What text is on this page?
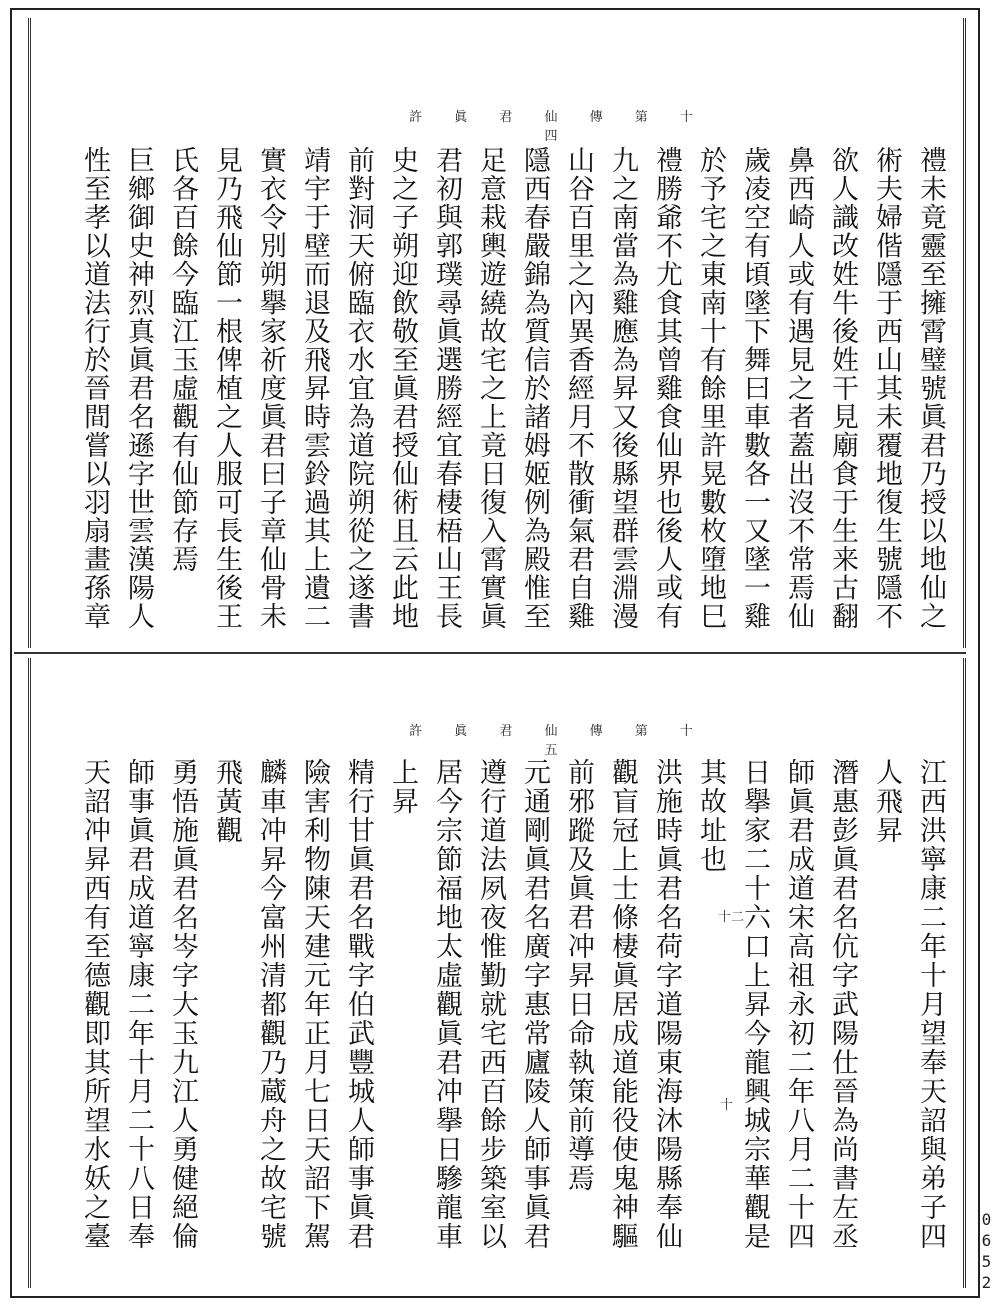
許 眞 君 仙 傳 第 十 四
禮未竟靈至擁霄璧號眞君乃授以地仙之
術夫婦偕隱于西山其未覆地復生號隱不
欲人識改姓牛後姓干見廟食于生来古翻
鼻西崎人或有遇見之者蓋出沒不常焉仙
歲凌空有頃墜下舞曰車數各一又墜一雞
於予宅之東南十有餘里許晃數枚墮地巳
禮勝爺不尤食其曾雞食仙界也後人或有
九之南當為雞應為昇又後縣望群雲淵漫
山谷百里之內異香經月不散衝氣君自雞
隱西春嚴錦為質信於諸姆姬例為殿惟至
足意栽輿遊繞故宅之上竟日復入霄實眞
君初與郭璞尋眞選勝經宜春棲梧山王長
史之子朔迎飲敬至眞君授仙術且云此地
前對洞天俯臨衣水宜為道院朔從之遂書
靖宇于壁而退及飛昇時雲鈴過其上遺二
實衣令別朔擧家祈度眞君曰子章仙骨未
見乃飛仙節一根俾植之人服可長生後王
氏各百餘今臨江玉虛觀有仙節存焉
巨鄉御史神烈真眞君名遜字世雲漢陽人
性至孝以道法行於晉間嘗以羽扇畫孫章
許 眞 君 仙 傳 第 十 五
江西洪寧康二年十月望奉天詔與弟子四
人飛昇
潛惠彭眞君名伉字武陽仕晉為尚書左丞
師眞君成道宋高祖永初二年八月二十四
日擧家二十六口上昇今龍興城宗華觀是
其故址也
洪施時眞君名荷字道陽東海沐陽縣奉仙
觀盲冠上士條棲眞居成道能役使鬼神驅
前邪蹤及眞君冲昇日命執策前導焉
元通剛眞君名廣字惠常廬陵人師事眞君
遵行道法夙夜惟勤就宅西百餘步築室以
居今宗節福地太虛觀眞君冲擧日驂龍車
上昇
精行甘眞君名戰字伯武豐城人師事眞君
險害利物陳天建元年正月七日天詔下駕
麟車冲昇今富州清都觀乃蔵舟之故宅號
飛黃觀
勇悟施眞君名岑字大玉九江人勇健絕倫
師事眞君成道寧康二年十月二十八日奉
天詔冲昇西有至德觀即其所望水妖之臺	十二
十
0652
